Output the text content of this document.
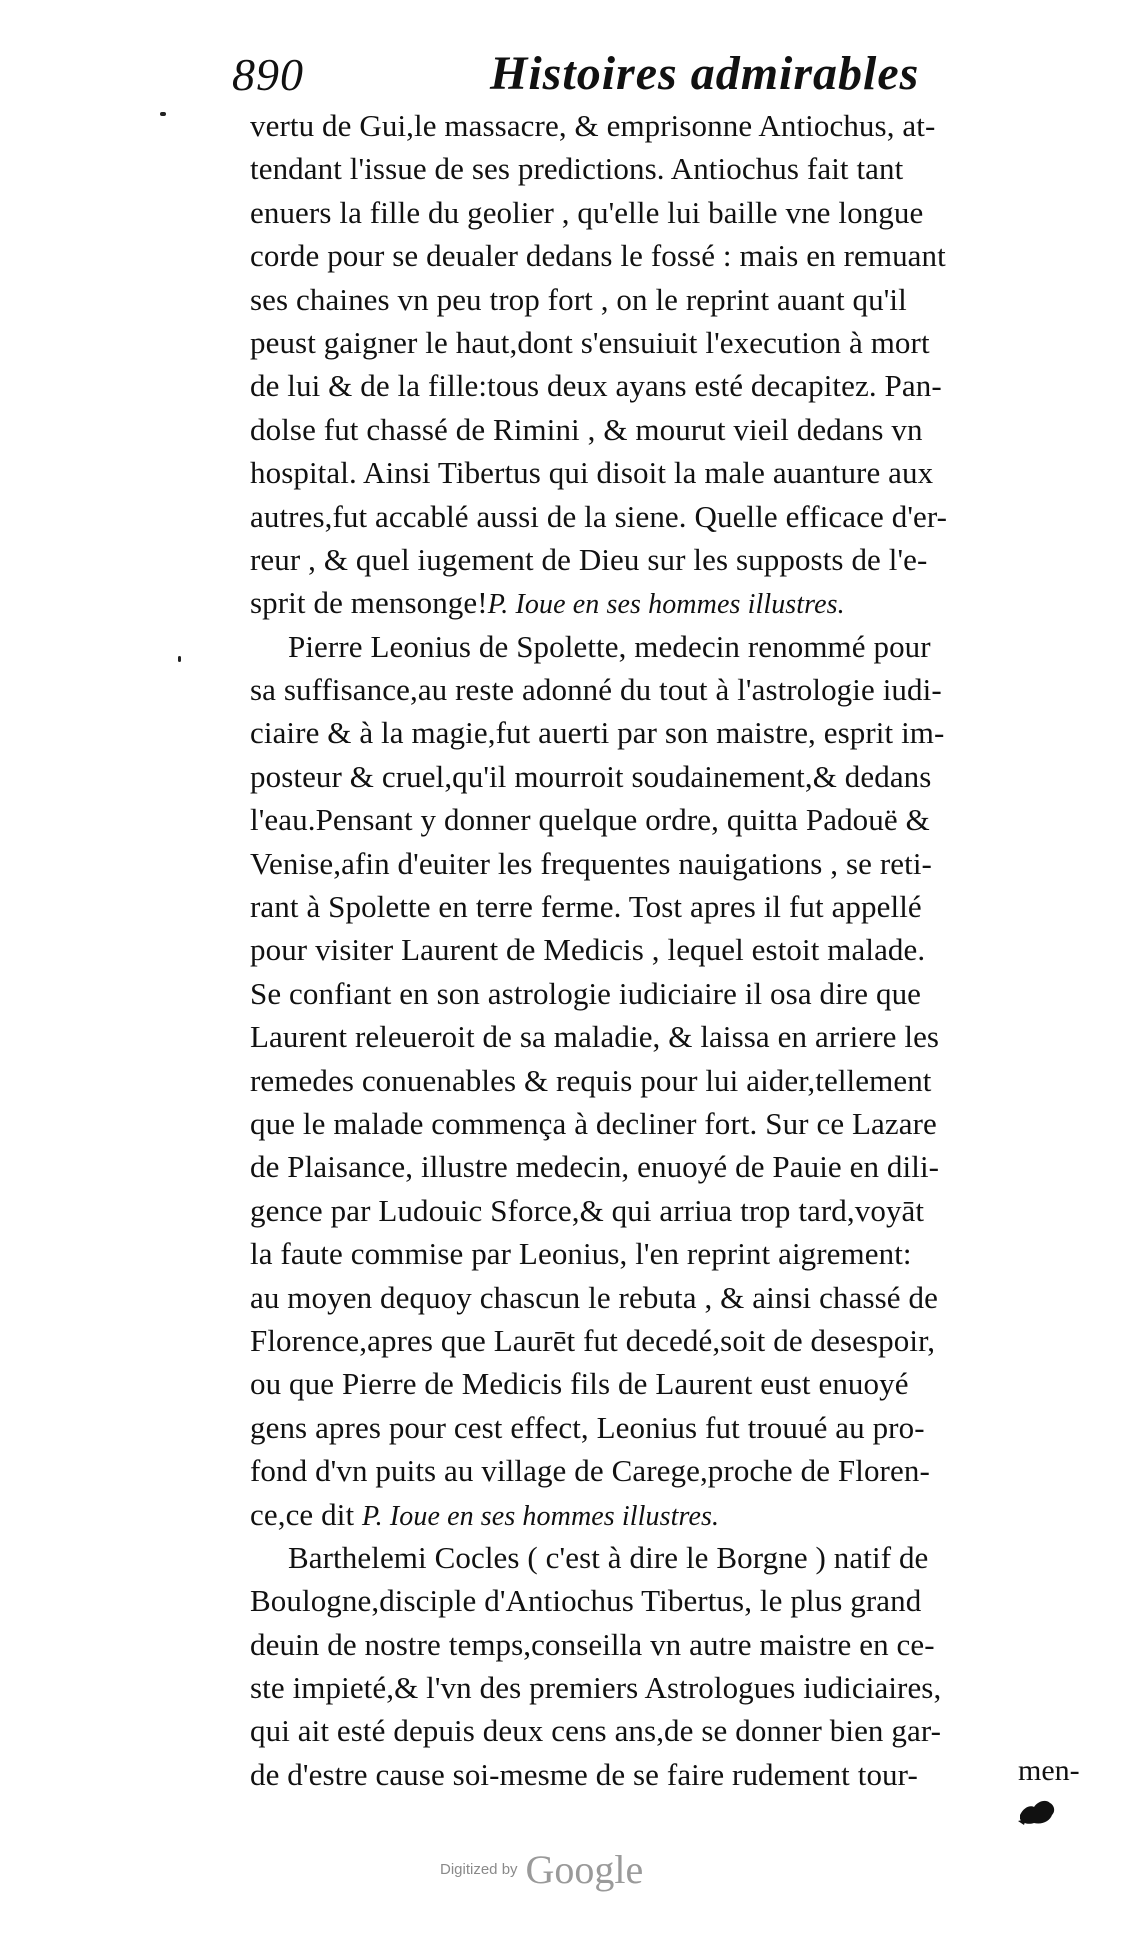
890	Histoires admirables
vertu de Gui,le massacre, & emprisonne Antiochus, at-
tendant l'issue de ses predictions. Antiochus fait tant
enuers la fille du geolier , qu'elle lui baille vne longue
corde pour se deualer dedans le fossé : mais en remuant
ses chaines vn peu trop fort , on le reprint auant qu'il
peust gaigner le haut,dont s'ensuiuit l'execution à mort
de lui & de la fille:tous deux ayans esté decapitez. Pan-
dolse fut chassé de Rimini , & mourut vieil dedans vn
hospital. Ainsi Tibertus qui disoit la male auanture aux
autres,fut accablé aussi de la siene. Quelle efficace d'er-
reur , & quel iugement de Dieu sur les supposts de l'e-
sprit de mensonge!P. Ioue en ses hommes illustres.
Pierre Leonius de Spolette, medecin renommé pour
sa suffisance,au reste adonné du tout à l'astrologie iudi-
ciaire & à la magie,fut auerti par son maistre, esprit im-
posteur & cruel,qu'il mourroit soudainement,& dedans
l'eau.Pensant y donner quelque ordre, quitta Padouë &
Venise,afin d'euiter les frequentes nauigations , se reti-
rant à Spolette en terre ferme. Tost apres il fut appellé
pour visiter Laurent de Medicis , lequel estoit malade.
Se confiant en son astrologie iudiciaire il osa dire que
Laurent releueroit de sa maladie, & laissa en arriere les
remedes conuenables & requis pour lui aider,tellement
que le malade commença à decliner fort. Sur ce Lazare
de Plaisance, illustre medecin, enuoyé de Pauie en dili-
gence par Ludouic Sforce,& qui arriua trop tard,voyāt
la faute commise par Leonius, l'en reprint aigrement:
au moyen dequoy chascun le rebuta , & ainsi chassé de
Florence,apres que Laurēt fut decedé,soit de desespoir,
ou que Pierre de Medicis fils de Laurent eust enuoyé
gens apres pour cest effect, Leonius fut trouué au pro-
fond d'vn puits au village de Carege,proche de Floren-
ce,ce dit P. Ioue en ses hommes illustres.
Barthelemi Cocles ( c'est à dire le Borgne ) natif de
Boulogne,disciple d'Antiochus Tibertus, le plus grand
deuin de nostre temps,conseilla vn autre maistre en ce-
ste impieté,& l'vn des premiers Astrologues iudiciaires,
qui ait esté depuis deux cens ans,de se donner bien gar-
de d'estre cause soi-mesme de se faire rudement tour-	men-
Digitized by Google
